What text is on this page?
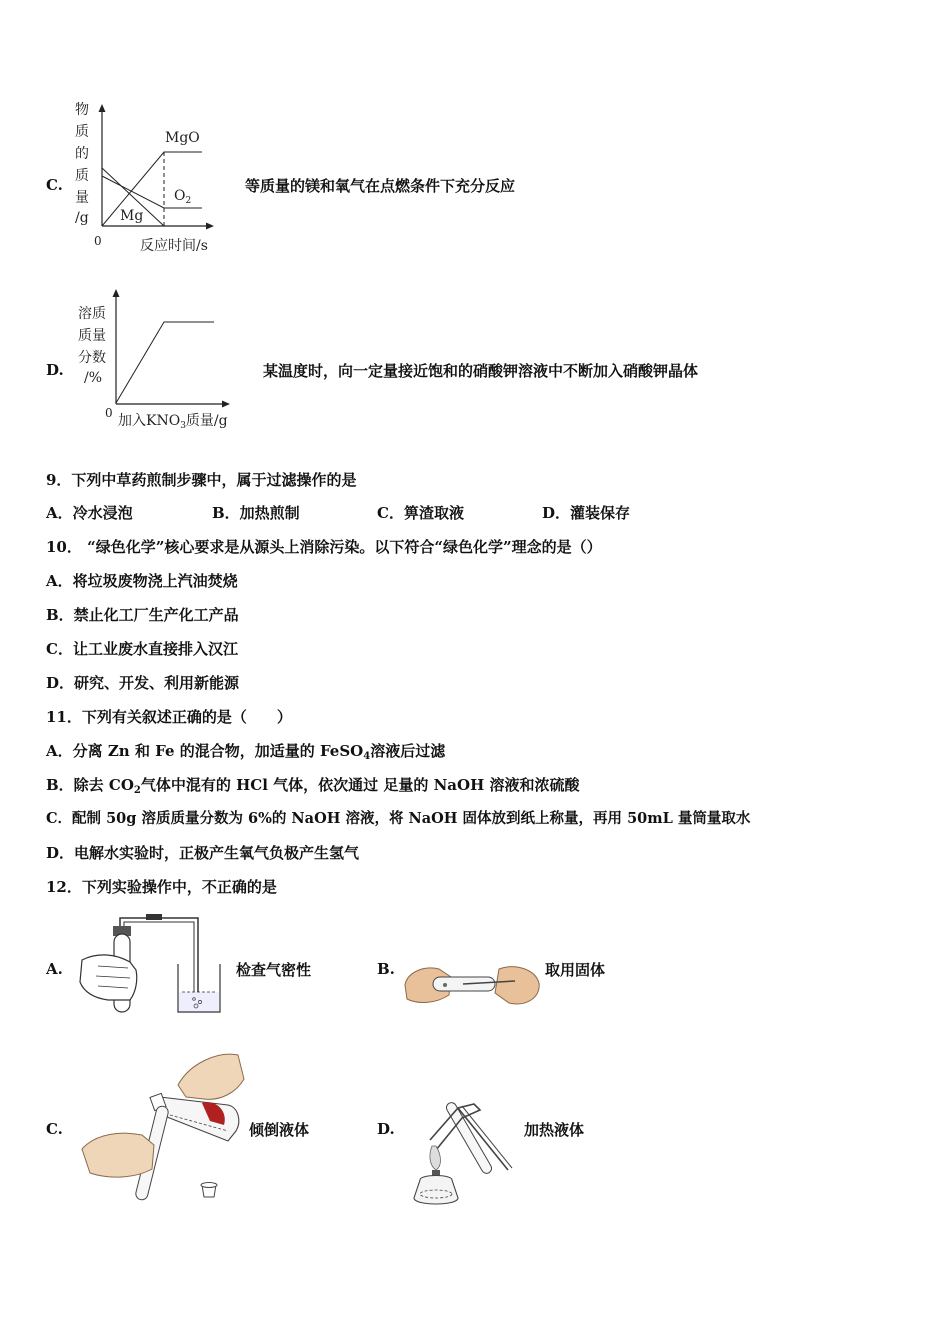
C.
物
质
的
质
量
/g
0	反应时间/s
MgO
$O_2$
Mg
等质量的镁和氧气在点燃条件下充分反应
D.
溶质
质量
分数
/%
0 加入$KNO_3$质量/g
某温度时，向一定量接近饱和的硝酸钾溶液中不断加入硝酸钾晶体
9．下列中草药煎制步骤中，属于过滤操作的是
A．冷水浸泡	B．加热煎制	C．箅渣取液	D．灌装保存
10． “绿色化学”核心要求是从源头上消除污染。以下符合“绿色化学”理念的是（）
A．将垃圾废物浇上汽油焚烧
B．禁止化工厂生产化工产品
C．让工业废水直接排入汉江
D．研究、开发、利用新能源
11．下列有关叙述正确的是（　　）
A．分离 Zn 和 Fe 的混合物，加适量的 FeSO$_4$溶液后过滤
B．除去 $CO_2$气体中混有的 HCl 气体，依次通过 足量的 NaOH 溶液和浓硫酸
C．配制 50g 溶质质量分数为 6%的 NaOH 溶液，将 NaOH 固体放到纸上称量，再用 50mL 量筒量取水
D．电解水实验时，正极产生氧气负极产生氢气
12．下列实验操作中，不正确的是
A.	检查气密性	B.	取用固体
C.	倾倒液体	D.	加热液体
